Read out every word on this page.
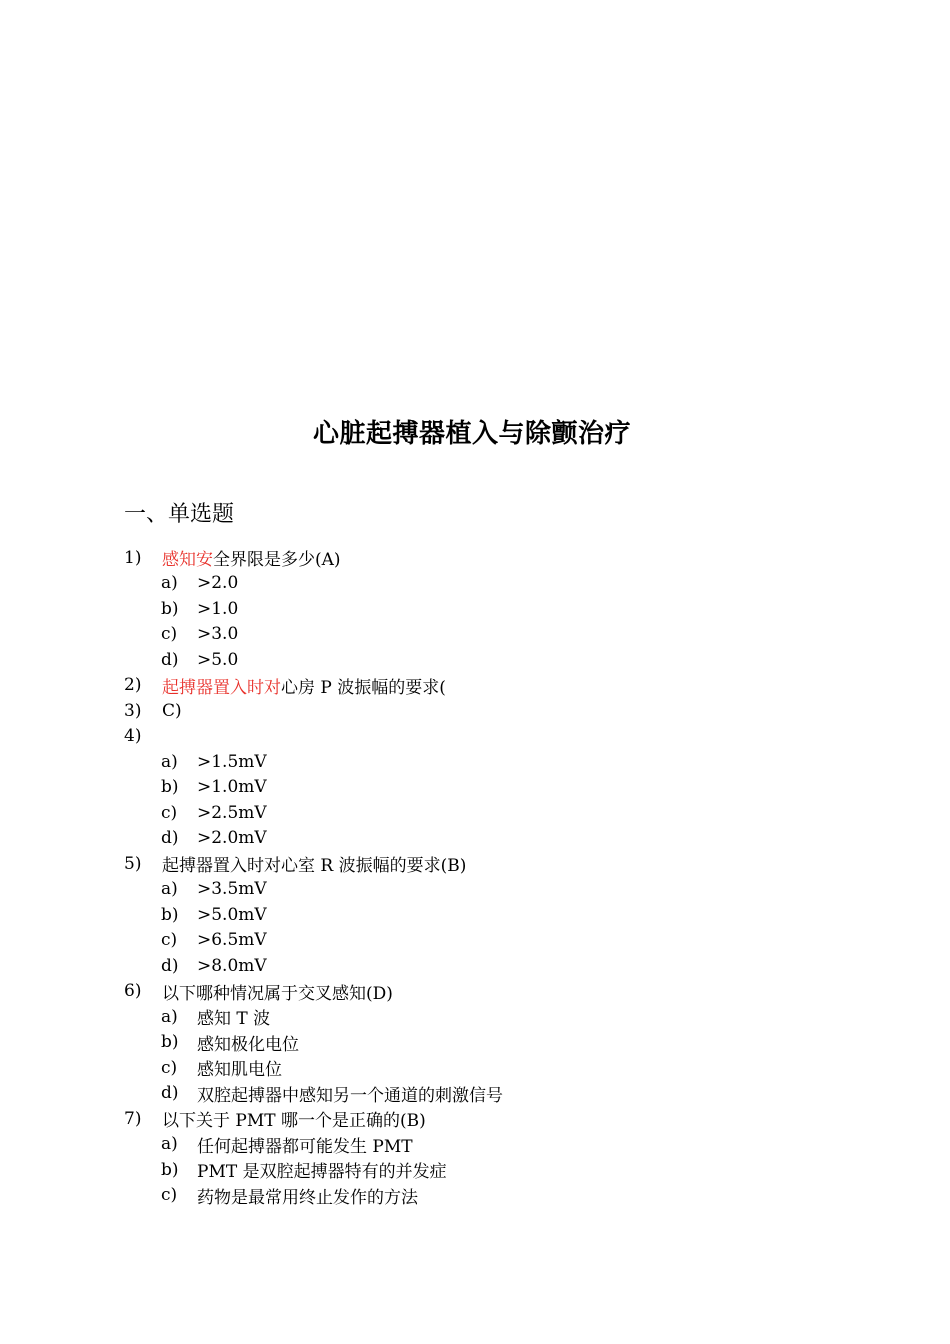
心脏起搏器植入与除颤治疗
一、单选题
1)	感知安 全界限是多少(A)
a)	>2.0
b)	>1.0
c)	>3.0
d)	>5.0
2)	起搏器置入时对 心房 P 波振幅的要求(
3)	C)
4)
a)	>1.5mV
b)	>1.0mV
c)	>2.5mV
d)	>2.0mV
5)	起搏器置入时对心室 R 波振幅的要求(B)
a)	>3.5mV
b)	>5.0mV
c)	>6.5mV
d)	>8.0mV
6)	以下哪种情况属于交叉感知(D)
a)	感知 T 波
b)	感知极化电位
c)	感知肌电位
d)	双腔起搏器中感知另一个通道的刺激信号
7)	以下关于 PMT 哪一个是正确的(B)
a)	任何起搏器都可能发生 PMT
b)	PMT 是双腔起搏器特有的并发症
c)	药物是最常用终止发作的方法
